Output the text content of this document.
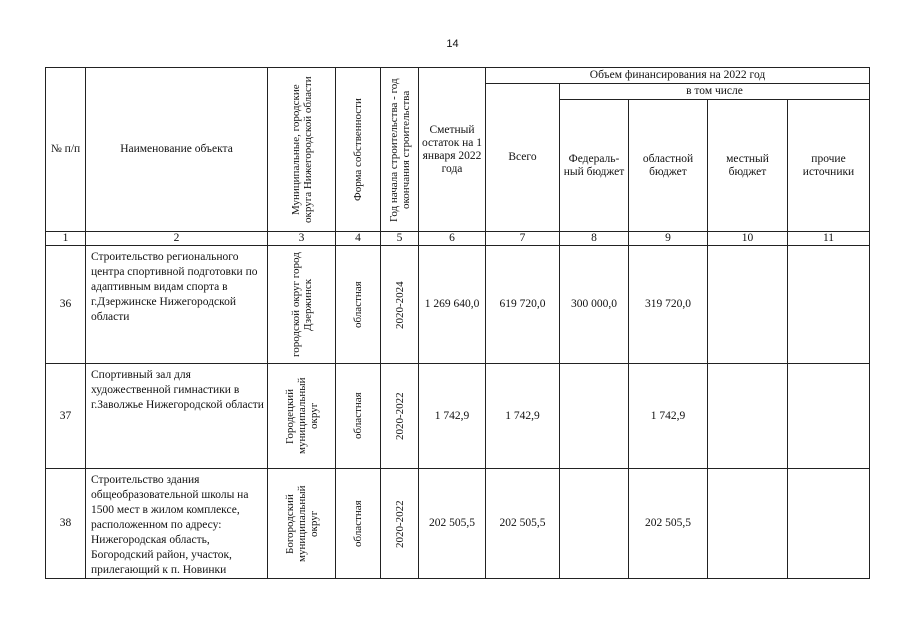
14
№ п/п	Наименование объекта	Муниципальные, городские округа Нижегородской области	Форма собственности	Год начала строительства - год окончания строительства	Сметный остаток на 1 января 2022 года	Объем финансирования на 2022 год				
						Всего	в том числе			
							Федераль-ный бюджет	областной бюджет	местный бюджет	прочие источники
1	2	3	4	5	6	7	8	9	10	11
36	Строительство регионального центра спортивной подготовки по адаптивным видам спорта в г.Дзержинске Нижегородской области	городской округ город Дзержинск	областная	2020-2024	1 269 640,0	619 720,0	300 000,0	319 720,0		
37	Спортивный зал для художественной гимнастики в г.Заволжье Нижегородской области	Городецкий муниципальный округ	областная	2020-2022	1 742,9	1 742,9		1 742,9		
38	Строительство здания общеобразовательной школы на 1500 мест в жилом комплексе, расположенном по адресу: Нижегородская область, Богородский район, участок, прилегающий к п. Новинки	Богородский муниципальный округ	областная	2020-2022	202 505,5	202 505,5		202 505,5		
